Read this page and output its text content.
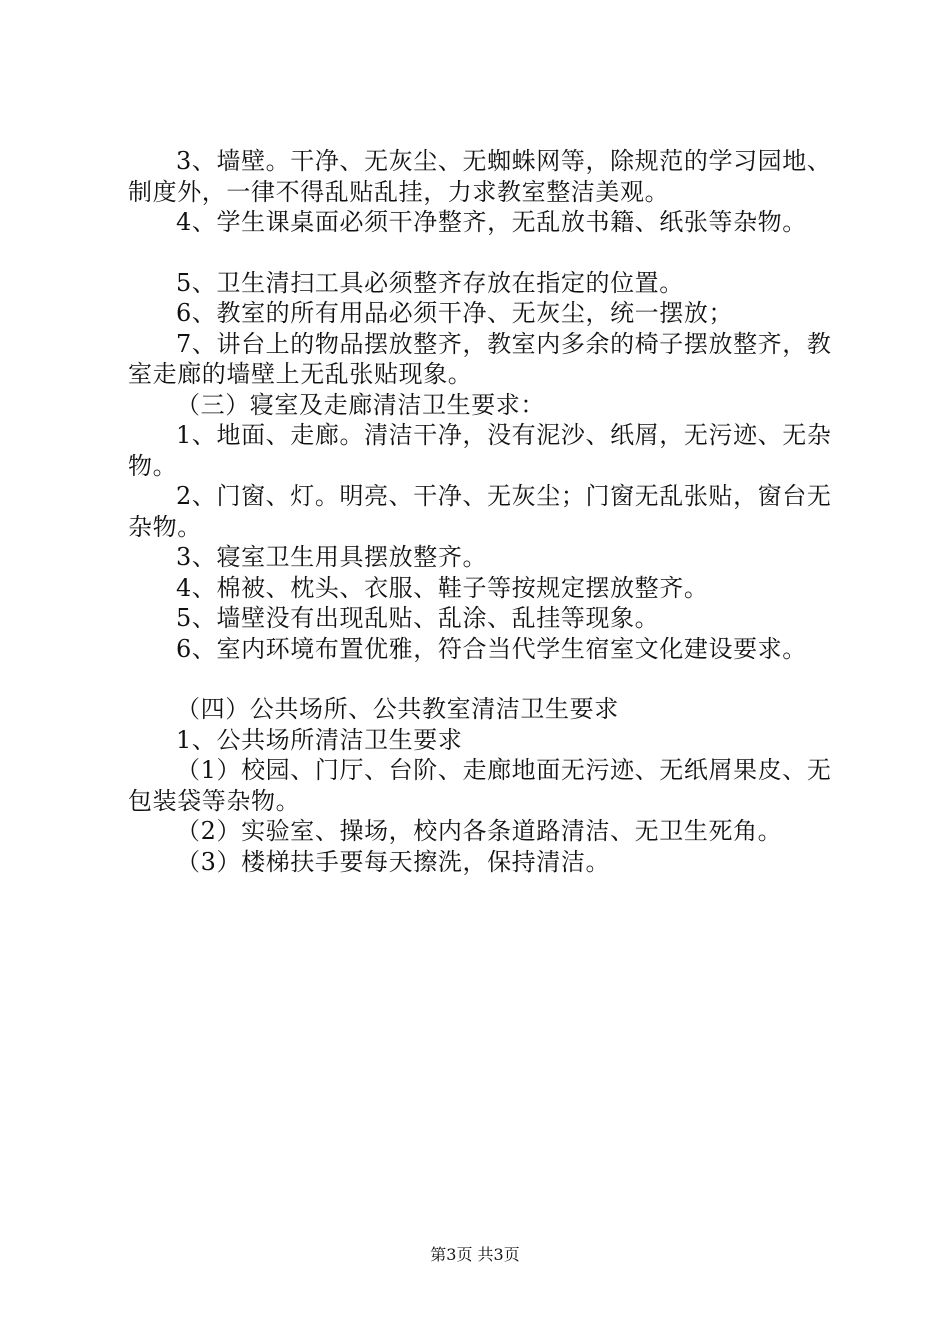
3、墙壁。干净、无灰尘、无蜘蛛网等，除规范的学习园地、制度外，一律不得乱贴乱挂，力求教室整洁美观。

4、学生课桌面必须干净整齐，无乱放书籍、纸张等杂物。

5、卫生清扫工具必须整齐存放在指定的位置。

6、教室的所有用品必须干净、无灰尘，统一摆放；

7、讲台上的物品摆放整齐，教室内多余的椅子摆放整齐，教室走廊的墙壁上无乱张贴现象。

（三）寝室及走廊清洁卫生要求：

1、地面、走廊。清洁干净，没有泥沙、纸屑，无污迹、无杂物。

2、门窗、灯。明亮、干净、无灰尘；门窗无乱张贴，窗台无杂物。

3、寝室卫生用具摆放整齐。

4、棉被、枕头、衣服、鞋子等按规定摆放整齐。

5、墙壁没有出现乱贴、乱涂、乱挂等现象。

6、室内环境布置优雅，符合当代学生宿室文化建设要求。

（四）公共场所、公共教室清洁卫生要求

1、公共场所清洁卫生要求

（1）校园、门厅、台阶、走廊地面无污迹、无纸屑果皮、无包装袋等杂物。

（2）实验室、操场，校内各条道路清洁、无卫生死角。

（3）楼梯扶手要每天擦洗，保持清洁。

第3页 共3页
